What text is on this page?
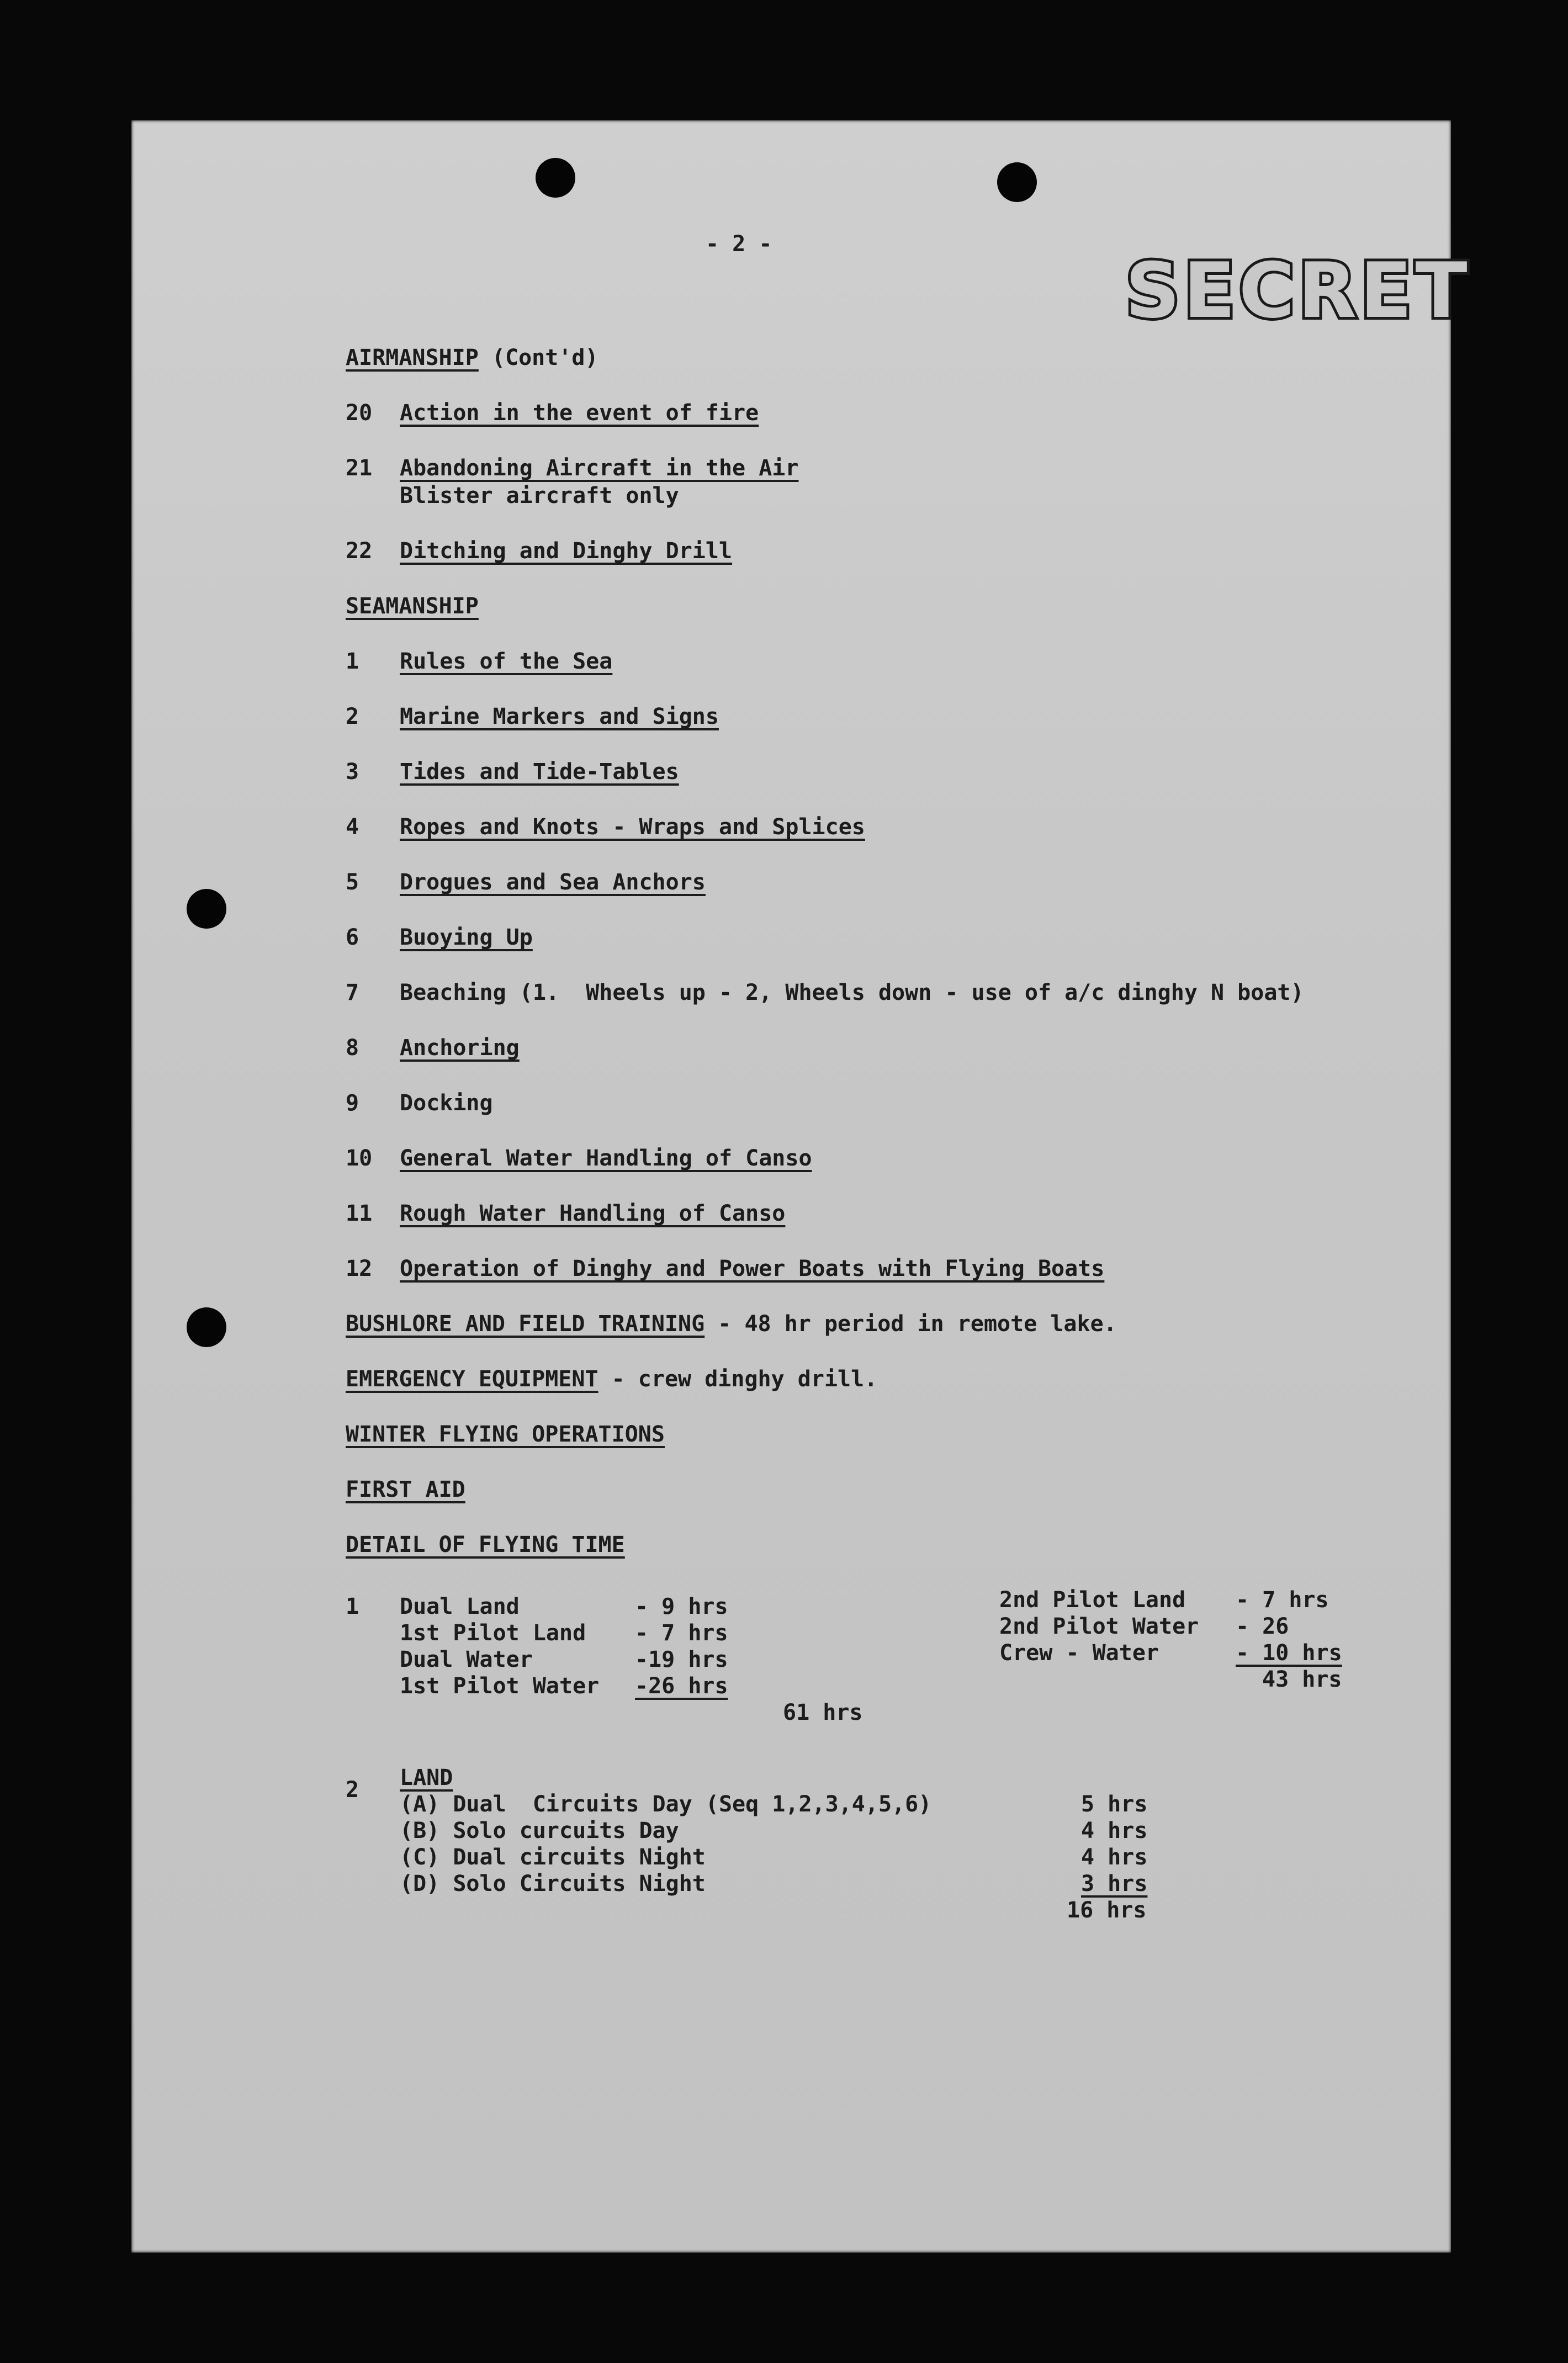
- 2 -

SECRET

AIRMANSHIP (Cont'd)

20 Action in the event of fire

21 Abandoning Aircraft in the Air

Blister aircraft only

22 Ditching and Dinghy Drill

SEAMANSHIP

1 Rules of the Sea

2 Marine Markers and Signs

3 Tides and Tide-Tables

4 Ropes and Knots - Wraps and Splices

5 Drogues and Sea Anchors

6 Buoying Up

7 Beaching (1.  Wheels up - 2, Wheels down - use of a/c dinghy N boat)

8 Anchoring

9 Docking

10 General Water Handling of Canso

11 Rough Water Handling of Canso

12 Operation of Dinghy and Power Boats with Flying Boats

BUSHLORE AND FIELD TRAINING - 48 hr period in remote lake.

EMERGENCY EQUIPMENT - crew dinghy drill.

WINTER FLYING OPERATIONS

FIRST AID

DETAIL OF FLYING TIME

1 Dual Land	- 9 hrs

1st Pilot Land - 7 hrs

Dual Water	-19 hrs

1st Pilot Water -26 hrs

61 hrs

2nd Pilot Land - 7 hrs

2nd Pilot Water - 26

Crew - Water	- 10 hrs

43 hrs

2 LAND

(A) Dual  Circuits Day (Seq 1,2,3,4,5,6)	5 hrs

(B) Solo curcuits Day	4 hrs

(C) Dual circuits Night	4 hrs

(D) Solo Circuits Night	3 hrs

16 hrs
